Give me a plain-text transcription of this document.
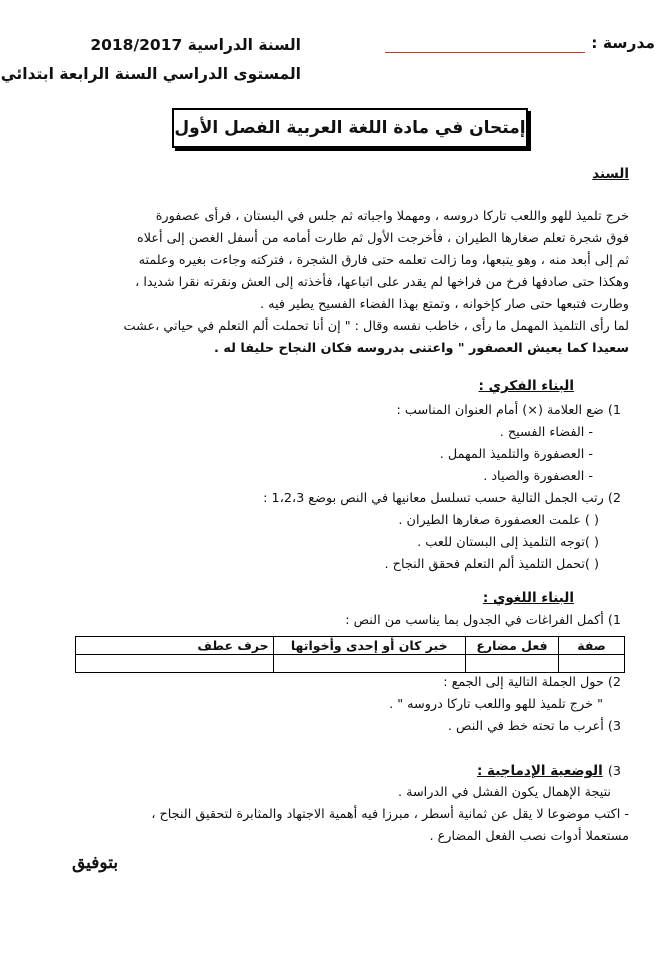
مدرسة :
السنة الدراسية 2018/2017
المستوى الدراسي السنة الرابعة ابتدائي
إمتحان في مادة اللغة العربية الفصل الأول
السند
خرج تلميذ للهو واللعب تاركا دروسه ، ومهملا واجباته ثم جلس في البستان ، فرأى عصفورة
فوق شجرة تعلم صغارها الطيران ، فأخرجت الأول ثم طارت أمامه من أسفل الغصن إلى أعلاه
ثم إلى أبعد منه ، وهو يتبعها، وما زالت تعلمه حتى فارق الشجرة ، فتركته وجاءت بغيره وعلمته
وهكذا حتى صادفها فرخ من فراخها لم يقدر على اتباعها، فأخذته إلى العش ونقرته نقرا شديدا ،
وطارت فتبعها حتى صار كإخوانه ، وتمتع بهذا الفضاء الفسيح يطير فيه .
لما رأى التلميذ المهمل ما رأى ، خاطب نفسه وقال : " إن أنا تحملت ألم التعلم في حياتي ،عشت
سعيدا كما يعيش العصفور " واعتنى بدروسه فكان النجاح حليفا له .
البناء الفكري :
1) ضع العلامة (×) أمام العنوان المناسب :
- الفضاء الفسيح .
- العصفورة والتلميذ المهمل .
- العصفورة والصياد .
2) رتب الجمل التالية حسب تسلسل معانيها في النص بوضع 1،2،3 :
( ) علمت العصفورة صغارها الطيران .
( )توجه التلميذ إلى البستان للعب .
( )تحمل التلميذ ألم التعلم فحقق النجاح .
البناء اللغوي :
1) أكمل الفراغات في الجدول بما يناسب من النص :
صفة	فعل مضارع	خبر كان أو إحدى وأخواتها	حرف عطف

2) حول الجملة التالية إلى الجمع :
" خرج تلميذ للهو واللعب تاركا دروسه " .
3) أعرب ما تحته خط في النص .
3) الوضعية الإدماجية :
نتيجة الإهمال يكون الفشل في الدراسة .
- اكتب موضوعا لا يقل عن ثمانية أسطر ، مبرزا فيه أهمية الاجتهاد والمثابرة لتحقيق النجاح ،
مستعملا أدوات نصب الفعل المضارع .
بتوفيق
